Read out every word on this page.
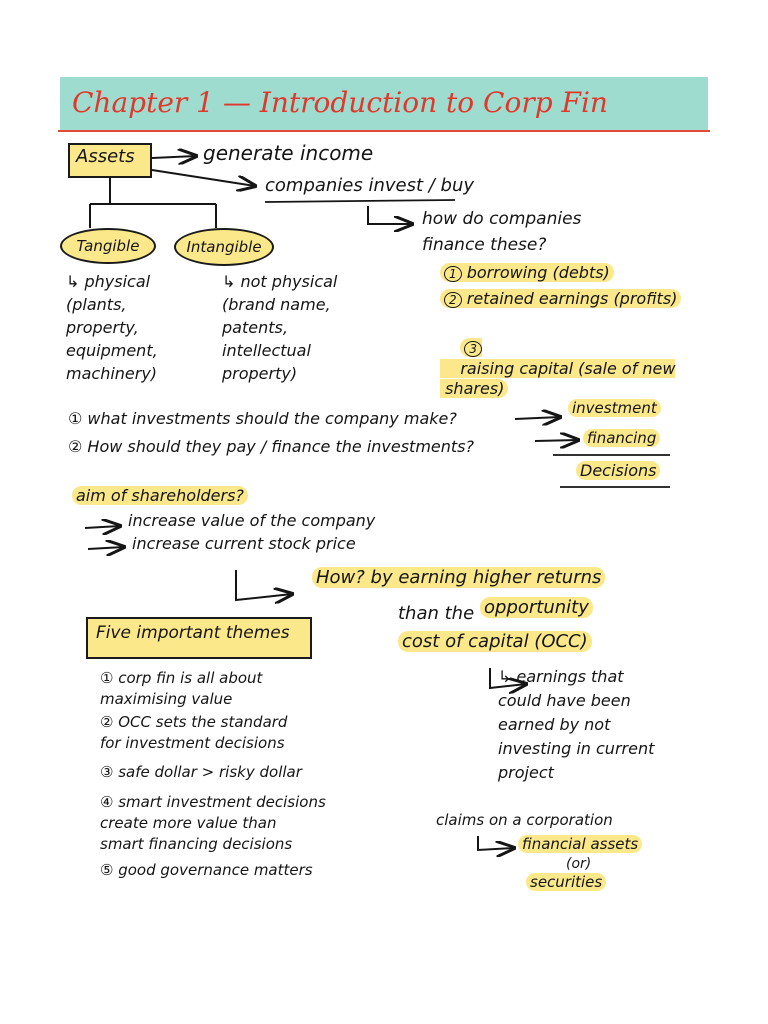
Chapter 1 — Introduction to Corp Fin
Assets	generate income
companies invest / buy
how do companies
finance these?
1 borrowing (debts)
2 retained earnings (profits)

3
raising capital (sale of new
shares)

Tangible	Intangible
↳ physical
(plants,
property,
equipment,
machinery)
↳ not physical
(brand name,
patents,
intellectual
property)
① what investments should the company make?
investment
② How should they pay / finance the investments?	financing
Decisions
aim of shareholders?
increase value of the company
increase current stock price
How? by earning higher returns
than the opportunity
cost of capital (OCC)
↳ earnings that
could have been
earned by not
investing in current
project
Five important themes
① corp fin is all about
maximising value
② OCC sets the standard
for investment decisions
③ safe dollar > risky dollar
④ smart investment decisions
create more value than
smart financing decisions
⑤ good governance matters
claims on a corporation
financial assets
(or)
securities
